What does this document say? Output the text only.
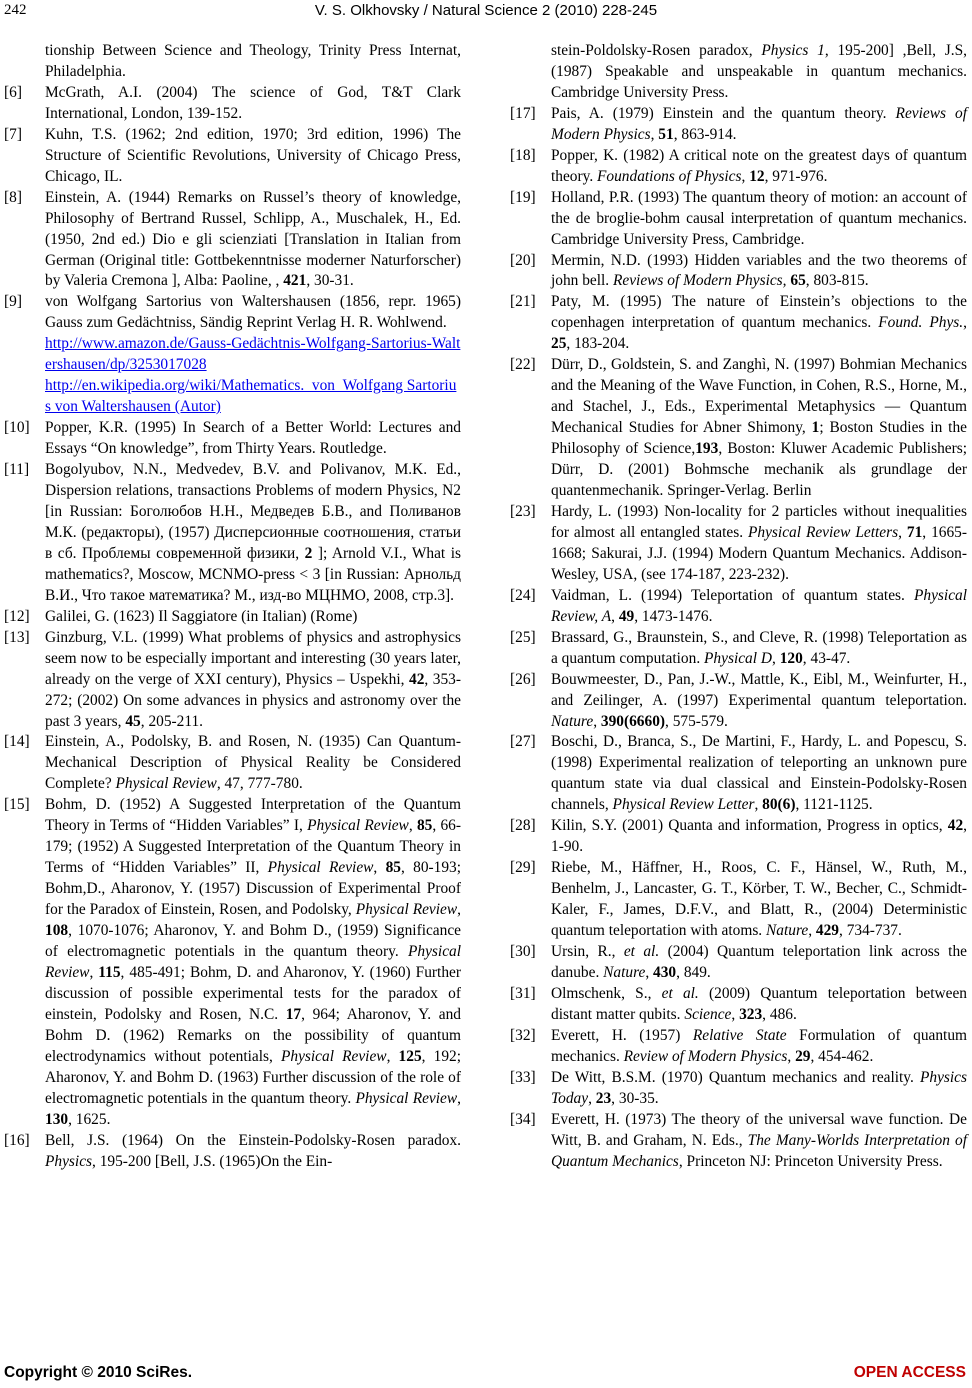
242	V. S. Olkhovsky / Natural Science 2 (2010) 228-245
tionship Between Science and Theology, Trinity Press Internat, Philadelphia.
[6] McGrath, A.I. (2004) The science of God, T&T Clark International, London, 139-152.
[7] Kuhn, T.S. (1962; 2nd edition, 1970; 3rd edition, 1996) The Structure of Scientific Revolutions, University of Chicago Press, Chicago, IL.
[8] Einstein, A. (1944) Remarks on Russel’s theory of knowledge, Philosophy of Bertrand Russel, Schlipp, A., Muschalek, H., Ed. (1950, 2nd ed.) Dio e gli scienziati [Translation in Italian from German (Original title: Gottbekenntnisse moderner Naturforscher) by Valeria Cremona ], Alba: Paoline, , 421, 30-31.
[9] von Wolfgang Sartorius von Waltershausen (1856, repr. 1965) Gauss zum Gedächtniss, Sändig Reprint Verlag H. R. Wohlwend.
http://www.amazon.de/Gauss-Gedächtnis-Wolfgang-Sartorius-Waltershausen/dp/3253017028
http://en.wikipedia.org/wiki/Mathematics._von_Wolfgang Sartorius von Waltershausen (Autor)
[10] Popper, K.R. (1995) In Search of a Better World: Lectures and Essays “On knowledge”, from Thirty Years. Routledge.
[11] Bogolyubov, N.N., Medvedev, B.V. and Polivanov, M.K. Ed., Dispersion relations, transactions Problems of modern Physics, N2 [in Russian: Боголюбов Н.Н., Медведев Б.В., and Поливанов М.К. (редакторы), (1957) Дисперсионные соотношения, статьи в сб. Проблемы современной физики, 2 ]; Arnold V.I., What is mathematics?, Moscow, MCNMO-press < 3 [in Russian: Арнольд В.И., Что такое математика? М., изд-во МЦНМО, 2008, стр.3].
[12] Galilei, G. (1623) Il Saggiatore (in Italian) (Rome)
[13] Ginzburg, V.L. (1999) What problems of physics and astrophysics seem now to be especially important and interesting (30 years later, already on the verge of XXI century), Physics – Uspekhi, 42, 353-272; (2002) On some advances in physics and astronomy over the past 3 years, 45, 205-211.
[14] Einstein, A., Podolsky, B. and Rosen, N. (1935) Can Quantum-Mechanical Description of Physical Reality be Considered Complete? Physical Review, 47, 777-780.
[15] Bohm, D. (1952) A Suggested Interpretation of the Quantum Theory in Terms of “Hidden Variables” I, Physical Review, 85, 66-179; (1952) A Suggested Interpretation of the Quantum Theory in Terms of “Hidden Variables” II, Physical Review, 85, 80-193; Bohm,D., Aharonov, Y. (1957) Discussion of Experimental Proof for the Paradox of Einstein, Rosen, and Podolsky, Physical Review, 108, 1070-1076; Aharonov, Y. and Bohm D., (1959) Significance of electromagnetic potentials in the quantum theory. Physical Review, 115, 485-491; Bohm, D. and Aharonov, Y. (1960) Further discussion of possible experimental tests for the paradox of einstein, Podolsky and Rosen, N.C. 17, 964; Aharonov, Y. and Bohm D. (1962) Remarks on the possibility of quantum electrodynamics without potentials, Physical Review, 125, 192; Aharonov, Y. and Bohm D. (1963) Further discussion of the role of electromagnetic potentials in the quantum theory. Physical Review, 130, 1625.
[16] Bell, J.S. (1964) On the Einstein-Podolsky-Rosen paradox. Physics, 195-200 [Bell, J.S. (1965)On the Ein-
stein-Poldolsky-Rosen paradox, Physics 1, 195-200] ,Bell, J.S, (1987) Speakable and unspeakable in quantum mechanics. Cambridge University Press.
[17] Pais, A. (1979) Einstein and the quantum theory. Reviews of Modern Physics, 51, 863-914.
[18] Popper, K. (1982) A critical note on the greatest days of quantum theory. Foundations of Physics, 12, 971-976.
[19] Holland, P.R. (1993) The quantum theory of motion: an account of the de broglie-bohm causal interpretation of quantum mechanics. Cambridge University Press, Cambridge.
[20] Mermin, N.D. (1993) Hidden variables and the two theorems of john bell. Reviews of Modern Physics, 65, 803-815.
[21] Paty, M. (1995) The nature of Einstein’s objections to the copenhagen interpretation of quantum mechanics. Found. Phys., 25, 183-204.
[22] Dürr, D., Goldstein, S. and Zanghì, N. (1997) Bohmian Mechanics and the Meaning of the Wave Function, in Cohen, R.S., Horne, M., and Stachel, J., Eds., Experimental Metaphysics — Quantum Mechanical Studies for Abner Shimony, 1; Boston Studies in the Philosophy of Science,193, Boston: Kluwer Academic Publishers; Dürr, D. (2001) Bohmsche mechanik als grundlage der quantenmechanik. Springer-Verlag. Berlin
[23] Hardy, L. (1993) Non-locality for 2 particles without inequalities for almost all entangled states. Physical Review Letters, 71, 1665-1668; Sakurai, J.J. (1994) Modern Quantum Mechanics. Addison-Wesley, USA, (see 174-187, 223-232).
[24] Vaidman, L. (1994) Teleportation of quantum states. Physical Review, A, 49, 1473-1476.
[25] Brassard, G., Braunstein, S., and Cleve, R. (1998) Teleportation as a quantum computation. Physical D, 120, 43-47.
[26] Bouwmeester, D., Pan, J.-W., Mattle, K., Eibl, M., Weinfurter, H., and Zeilinger, A. (1997) Experimental quantum teleportation. Nature, 390(6660), 575-579.
[27] Boschi, D., Branca, S., De Martini, F., Hardy, L. and Popescu, S. (1998) Experimental realization of teleporting an unknown pure quantum state via dual classical and Einstein-Podolsky-Rosen channels, Physical Review Letter, 80(6), 1121-1125.
[28] Kilin, S.Y. (2001) Quanta and information, Progress in optics, 42, 1-90.
[29] Riebe, M., Häffner, H., Roos, C. F., Hänsel, W., Ruth, M., Benhelm, J., Lancaster, G. T., Körber, T. W., Becher, C., Schmidt-Kaler, F., James, D.F.V., and Blatt, R., (2004) Deterministic quantum teleportation with atoms. Nature, 429, 734-737.
[30] Ursin, R., et al. (2004) Quantum teleportation link across the danube. Nature, 430, 849.
[31] Olmschenk, S., et al. (2009) Quantum teleportation between distant matter qubits. Science, 323, 486.
[32] Everett, H. (1957) Relative State Formulation of quantum mechanics. Review of Modern Physics, 29, 454-462.
[33] De Witt, B.S.M. (1970) Quantum mechanics and reality. Physics Today, 23, 30-35.
[34] Everett, H. (1973) The theory of the universal wave function. De Witt, B. and Graham, N. Eds., The Many-Worlds Interpretation of Quantum Mechanics, Princeton NJ: Princeton University Press.
Copyright © 2010 SciRes.	OPEN ACCESS
